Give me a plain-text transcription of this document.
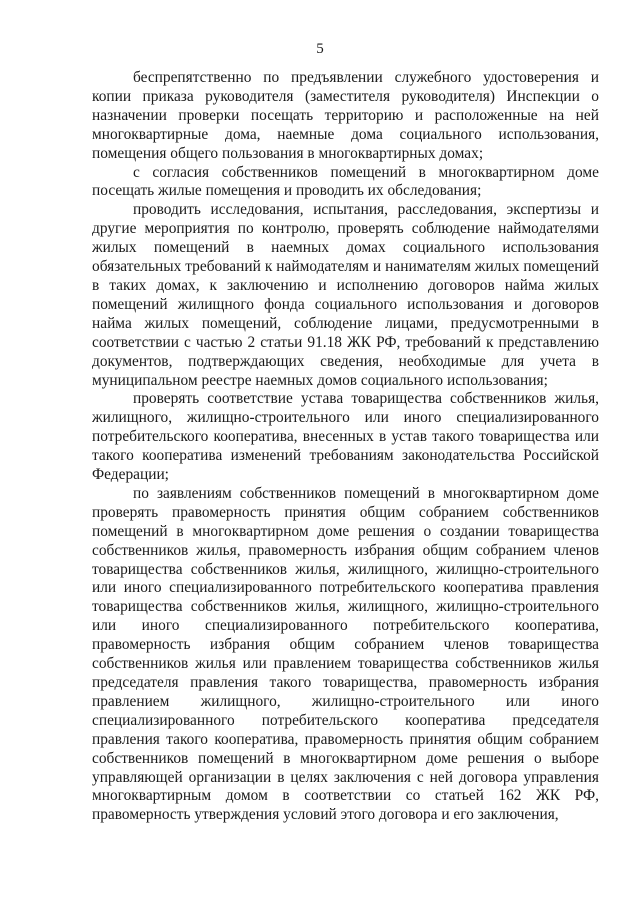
5

беспрепятственно по предъявлении служебного удостоверения и копии приказа руководителя (заместителя руководителя) Инспекции о назначении проверки посещать территорию и расположенные на ней многоквартирные дома, наемные дома социального использования, помещения общего пользования в многоквартирных домах;

с согласия собственников помещений в многоквартирном доме посещать жилые помещения и проводить их обследования;

проводить исследования, испытания, расследования, экспертизы и другие мероприятия по контролю, проверять соблюдение наймодателями жилых помещений в наемных домах социального использования обязательных требований к наймодателям и нанимателям жилых помещений в таких домах, к заключению и исполнению договоров найма жилых помещений жилищного фонда социального использования и договоров найма жилых помещений, соблюдение лицами, предусмотренными в соответствии с частью 2 статьи 91.18 ЖК РФ, требований к представлению документов, подтверждающих сведения, необходимые для учета в муниципальном реестре наемных домов социального использования;

проверять соответствие устава товарищества собственников жилья, жилищного, жилищно-строительного или иного специализированного потребительского кооператива, внесенных в устав такого товарищества или такого кооператива изменений требованиям законодательства Российской Федерации;

по заявлениям собственников помещений в многоквартирном доме проверять правомерность принятия общим собранием собственников помещений в многоквартирном доме решения о создании товарищества собственников жилья, правомерность избрания общим собранием членов товарищества собственников жилья, жилищного, жилищно-строительного или иного специализированного потребительского кооператива правления товарищества собственников жилья, жилищного, жилищно-строительного или иного специализированного потребительского кооператива, правомерность избрания общим собранием членов товарищества собственников жилья или правлением товарищества собственников жилья председателя правления такого товарищества, правомерность избрания правлением жилищного, жилищно-строительного или иного специализированного потребительского кооператива председателя правления такого кооператива, правомерность принятия общим собранием собственников помещений в многоквартирном доме решения о выборе управляющей организации в целях заключения с ней договора управления многоквартирным домом в соответствии со статьей 162 ЖК РФ, правомерность утверждения условий этого договора и его заключения,
